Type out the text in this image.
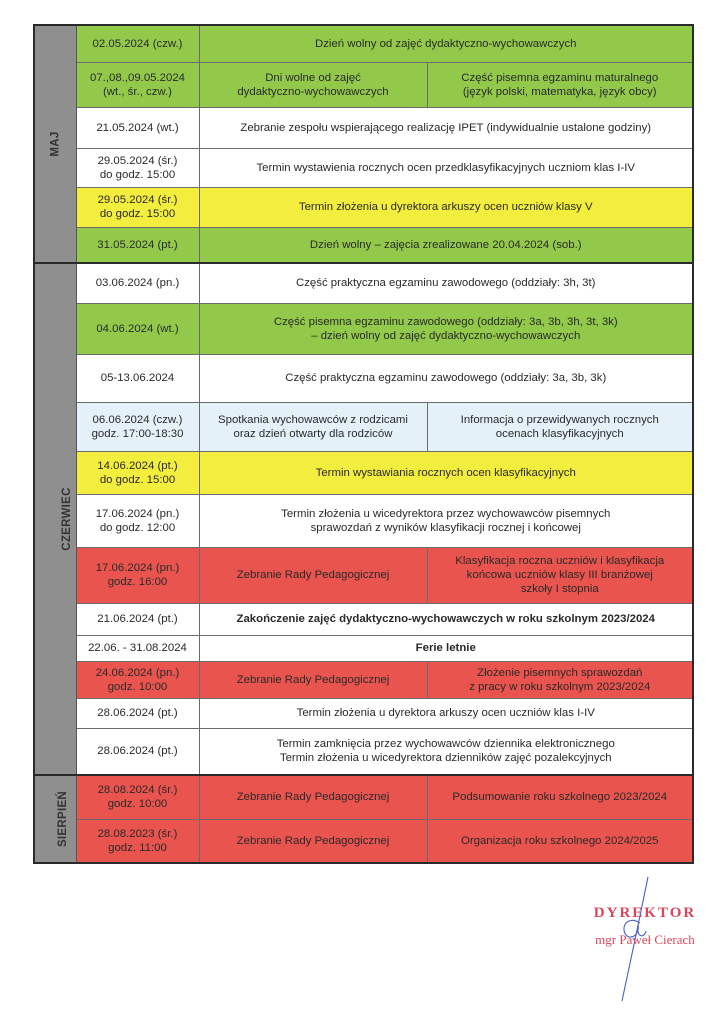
MAJ	02.05.2024 (czw.)	Dzień wolny od zajęć dydaktyczno-wychowawczych	
	07.,08.,09.05.2024
(wt., śr., czw.)	Dni wolne od zajęć
dydaktyczno-wychowawczych	Część pisemna egzaminu maturalnego
(język polski, matematyka, język obcy)
	21.05.2024 (wt.)	Zebranie zespołu wspierającego realizację IPET (indywidualnie ustalone godziny)	
	29.05.2024 (śr.)
do godz. 15:00	Termin wystawienia rocznych ocen przedklasyfikacyjnych uczniom klas I-IV	
	29.05.2024 (śr.)
do godz. 15:00	Termin złożenia u dyrektora arkuszy ocen uczniów klasy V	
	31.05.2024 (pt.)	Dzień wolny – zajęcia zrealizowane 20.04.2024 (sob.)	
CZERWIEC	03.06.2024 (pn.)	Część praktyczna egzaminu zawodowego (oddziały: 3h, 3t)	
	04.06.2024 (wt.)	Część pisemna egzaminu zawodowego (oddziały: 3a, 3b, 3h, 3t, 3k)
– dzień wolny od zajęć dydaktyczno-wychowawczych	
	05-13.06.2024	Część praktyczna egzaminu zawodowego (oddziały: 3a, 3b, 3k)	
	06.06.2024 (czw.)
godz. 17:00-18:30	Spotkania wychowawców z rodzicami
oraz dzień otwarty dla rodziców	Informacja o przewidywanych rocznych
ocenach klasyfikacyjnych
	14.06.2024 (pt.)
do godz. 15:00	Termin wystawiania rocznych ocen klasyfikacyjnych	
	17.06.2024 (pn.)
do godz. 12:00	Termin złożenia u wicedyrektora przez wychowawców pisemnych
sprawozdań z wyników klasyfikacji rocznej i końcowej	
	17.06.2024 (pn.)
godz. 16:00	Zebranie Rady Pedagogicznej	Klasyfikacja roczna uczniów i klasyfikacja
końcowa uczniów klasy III branżowej
szkoły I stopnia
	21.06.2024 (pt.)	Zakończenie zajęć dydaktyczno-wychowawczych w roku szkolnym 2023/2024	
	22.06. - 31.08.2024	Ferie letnie	
	24.06.2024 (pn.)
godz. 10:00	Zebranie Rady Pedagogicznej	Złożenie pisemnych sprawozdań
z pracy w roku szkolnym 2023/2024
	28.06.2024 (pt.)	Termin złożenia u dyrektora arkuszy ocen uczniów klas I-IV	
	28.06.2024 (pt.)	Termin zamknięcia przez wychowawców dziennika elektronicznego
Termin złożenia u wicedyrektora dzienników zajęć pozalekcyjnych	
SIERPIEŃ	28.08.2024 (śr.)
godz. 10:00	Zebranie Rady Pedagogicznej	Podsumowanie roku szkolnego 2023/2024
	28.08.2023 (śr.)
godz. 11:00	Zebranie Rady Pedagogicznej	Organizacja roku szkolnego 2024/2025
DYREKTOR
mgr Paweł Cierach
